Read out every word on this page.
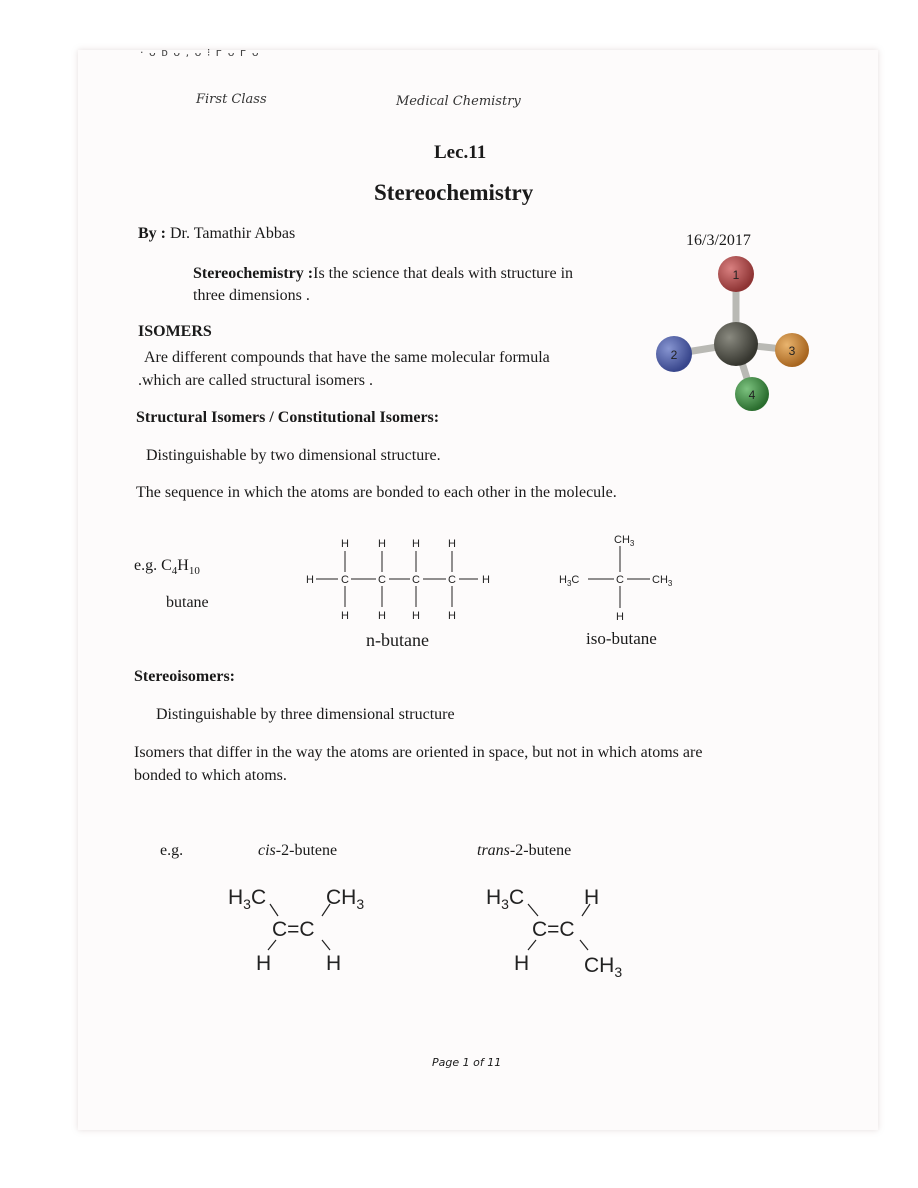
· ᴗ ᴅ ᴗ , ᴗ ⁝ ᴦ ᴗ ᴦ ᴗ
First Class	Medical Chemistry
Lec.11
Stereochemistry
By : Dr. Tamathir Abbas	16/3/2017
Stereochemistry :Is the science that deals with structure in
three dimensions .
1
2	3
4
ISOMERS
Are different compounds that have the same molecular formula
.which are called structural isomers .
Structural Isomers / Constitutional Isomers:
Distinguishable by two dimensional structure.
The sequence in which the atoms are bonded to each other in the molecule.
e.g. $C_4H_{10}$
butane
H	H H	H
H C	C C	C H
H	H H	H
n-butane
$CH_3$
$H_3C$	C	$CH_3$
H
iso-butane
Stereoisomers:
Distinguishable by three dimensional structure
Isomers that differ in the way the atoms are oriented in space, but not in which atoms are
bonded to which atoms.
e.g.	cis-2-butene	trans-2-butene
$H_3C$	$CH_3$
C=C
H	H
$H_3C$	H
C=C
H	$CH_3$
Page 1 of 11
